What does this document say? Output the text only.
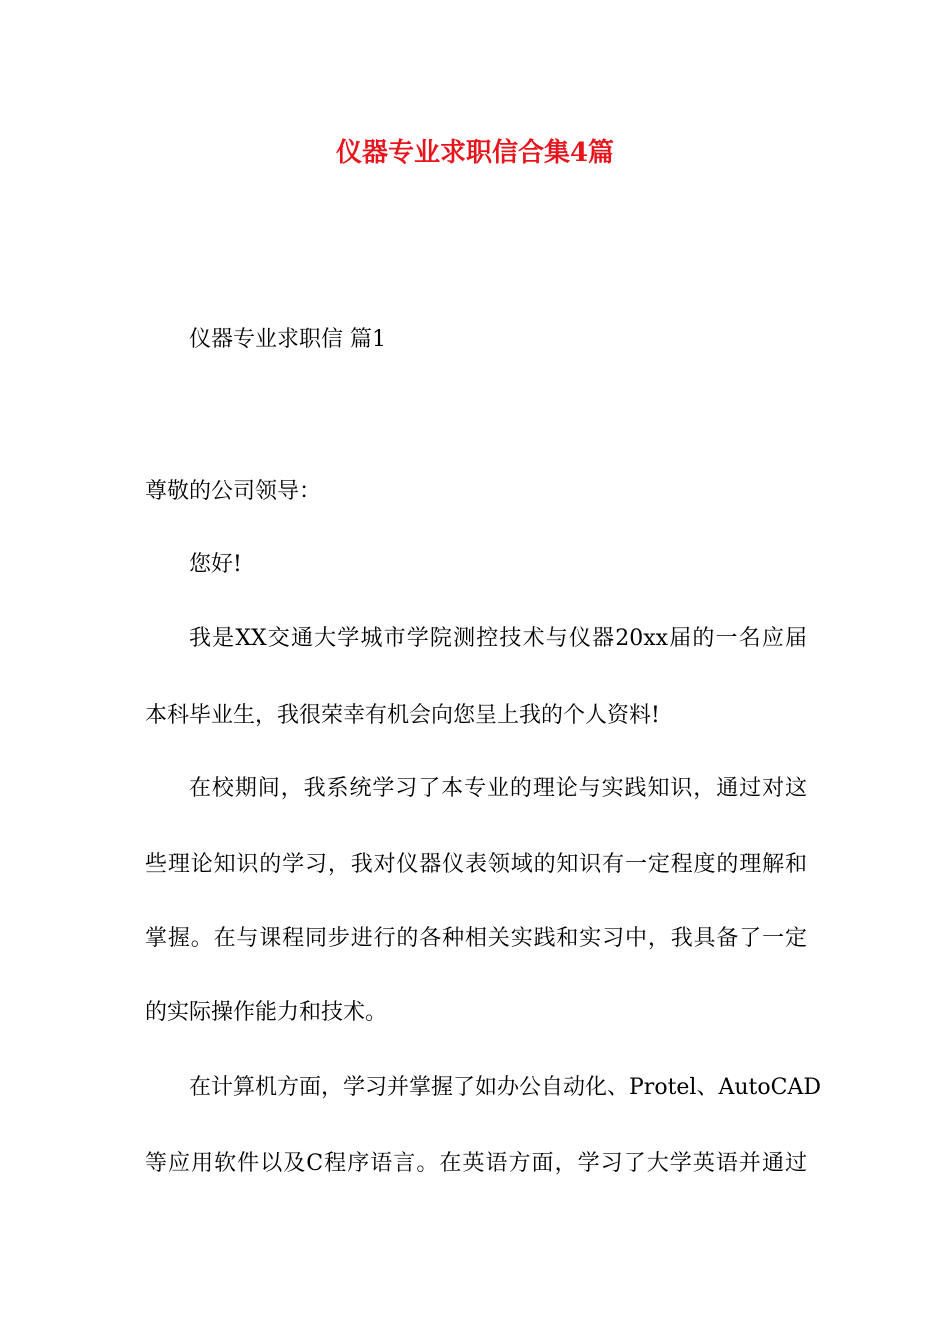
仪器专业求职信合集4篇
仪器专业求职信 篇1
尊敬的公司领导：
您好!
我是XX交通大学城市学院测控技术与仪器20xx届的一名应届
本科毕业生，我很荣幸有机会向您呈上我的个人资料!
在校期间，我系统学习了本专业的理论与实践知识，通过对这
些理论知识的学习，我对仪器仪表领域的知识有一定程度的理解和
掌握。在与课程同步进行的各种相关实践和实习中，我具备了一定
的实际操作能力和技术。
在计算机方面，学习并掌握了如办公自动化、Protel、AutoCAD
等应用软件以及C程序语言。在英语方面，学习了大学英语并通过
